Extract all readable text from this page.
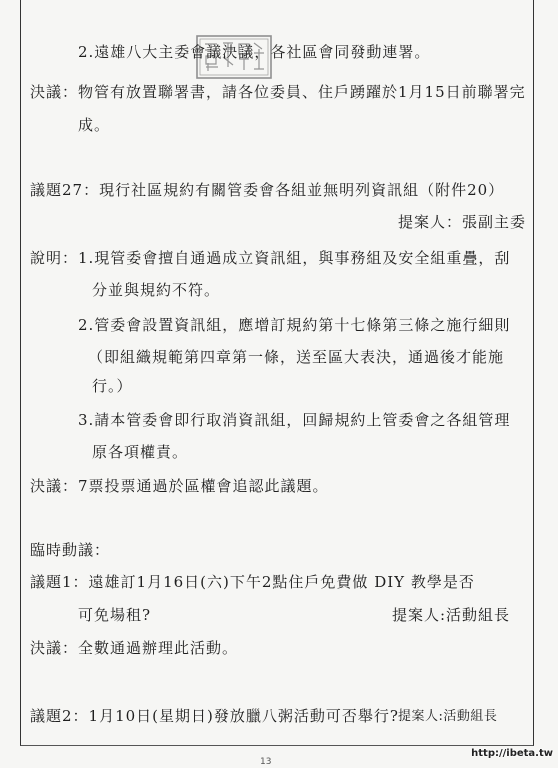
2.遠雄八大主委會議決議，各社區會同發動連署。
決議： 物管有放置聯署書，請各位委員、住戶踴躍於1月15日前聯署完
成。
議題27：現行社區規約有關管委會各組並無明列資訊組（附件20）
提案人：張副主委
說明： 1.現管委會擅自通過成立資訊組，與事務組及安全組重疊，刮
分並與規約不符。
2.管委會設置資訊組，應增訂規約第十七條第三條之施行細則
（即組織規範第四章第一條，送至區大表決，通過後才能施
行。）
3.請本管委會即行取消資訊組，回歸規約上管委會之各組管理
原各項權責。
決議： 7票投票通過於區權會追認此議題。
臨時動議：
議題1：遠雄訂1月16日(六)下午2點住戶免費做 DIY 教學是否
可免場租?	提案人:活動組長
決議： 全數通過辦理此活動。
議題2：1月10日(星期日)發放臘八粥活動可否舉行? 提案人:活動組長
13
http://ibeta.tw
